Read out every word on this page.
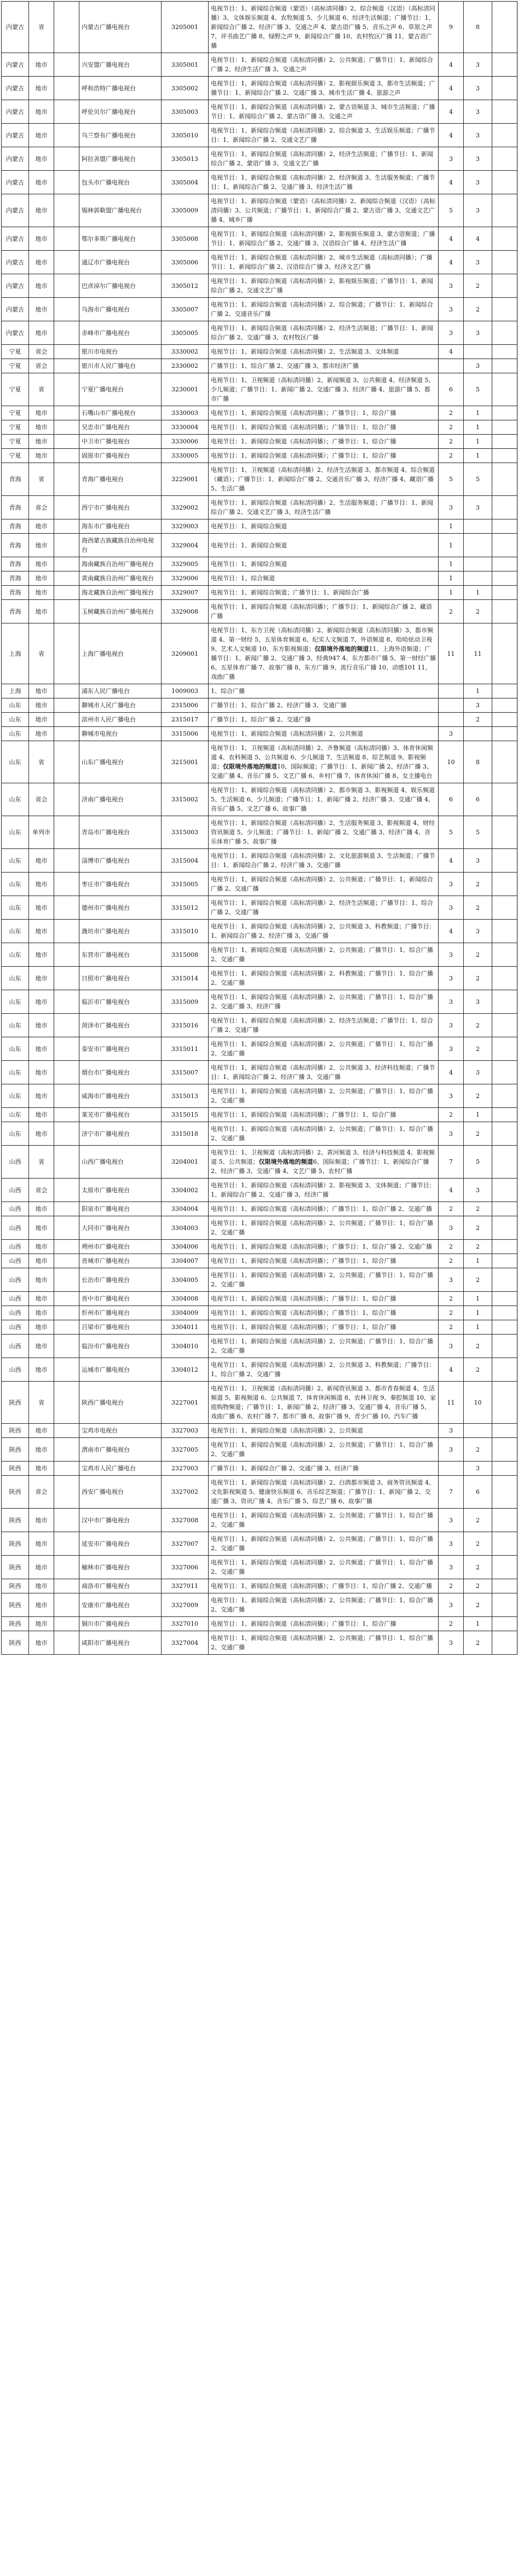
内蒙古	省		内蒙古广播电视台	3205001	电视节目：1、新闻综合频道（蒙语）（高标清同播）2、综合频道（汉语）（高标清同播）3、文体娱乐频道 4、农牧频道 5、少儿频道 6、经济生活频道；广播节目：1、新闻综合广播 2、经济广播 3、交通之声 4、蒙古语广播 5、音乐之声 6、草原之声 7、评书曲艺广播 8、绿野之声 9、新闻综合广播 10、农村牧区广播 11、蒙古语广播	9	8	
内蒙古	地市		兴安盟广播电视台	3305001	电视节目：1、新闻综合频道（高标清同播）2、公共频道；广播节目：1、新闻综合广播 2、经济生活广播 3、交通之声	4	3	
内蒙古	地市		呼和浩特广播电视台	3305002	电视节目：1、新闻综合频道（高标清同播）2、影视娱乐频道 3、都市生活频道；广播节目：1、新闻综合广播 2、交通广播 3、城市生活广播 4、旅游之声	4	3	
内蒙古	地市		呼伦贝尔广播电视台	3305003	电视节目：1、新闻综合频道（高标清同播）2、蒙古语频道 3、城市生活频道；广播节目：1、新闻综合广播 2、蒙古语广播 3、交通之声	4	3	
内蒙古	地市		乌兰察布广播电视台	3305010	电视节目：1、新闻综合频道（高标清同播）2、综合频道 3、生活娱乐频道；广播节目：1、新闻综合广播 2、交通文艺广播	4	3	
内蒙古	地市		阿拉善盟广播电视台	3305013	电视节目：1、新闻综合频道（高标清同播）2、经济生活频道；广播节目：1、新闻综合广播 2、蒙语广播 3、交通文艺广播	3	3	
内蒙古	地市		包头市广播电视台	3305004	电视节目：1、新闻综合频道（高标清同播）2、经济频道 3、生活服务频道；广播节目：1、新闻综合广播 2、交通广播 3、经济生活广播	4	3	
内蒙古	地市		锡林郭勒盟广播电视台	3305009	电视节目：1、新闻综合频道（蒙语）（高标清同播）2、新闻综合频道（汉语）（高标清同播）3、公共频道；广播节目：1、新闻综合广播 2、蒙古语广播 3、交通文艺广播 4、城乡广播	5	3	
内蒙古	地市		鄂尔多斯广播电视台	3305008	电视节目：1、新闻综合频道（高标清同播）2、影视娱乐频道 3、蒙古语频道；广播节目：1、新闻综合广播 2、交通广播 3、汉语综合广播 4、经济生活广播	4	4	
内蒙古	地市		通辽市广播电视台	3305006	电视节目：1、新闻综合频道（高标清同播）2、城市生活频道（高标清同播）；广播节目：1、新闻综合广播 2、汉语综合广播 3、经济文艺广播	4	3	
内蒙古	地市		巴彦淖尔广播电视台	3305012	电视节目：1、新闻综合频道（高标清同播）2、影视娱乐频道；广播节目：1、新闻综合广播 2、交通文艺广播	3	2	
内蒙古	地市		乌海市广播电视台	3305007	电视节目：1、新闻综合频道（高标清同播）2、综合频道；广播节目：1、新闻综合广播 2、交通音乐广播	3	2	
内蒙古	地市		赤峰市广播电视台	3305005	电视节目：1、新闻综合频道（高标清同播）2、经济生活频道；广播节目：1、新闻综合广播 2、交通广播 3、农村牧区广播	3	3	
宁夏	省会		银川市电视台	3330002	电视节目：1、新闻综合频道（高标清同播）2、生活频道 3、文体频道	4		
宁夏	省会		银川市人民广播电台	2330002	广播节目：1、综合广播 2、交通广播 3、都市经济广播		3	
宁夏	省		宁夏广播电视台	3230001	电视节目：1、卫视频道（高标清同播）2、新闻频道 3、公共频道 4、经济频道 5、少儿频道；广播节目：1、新闻广播 2、交通广播 3、经济广播 4、旅游广播 5、都市广播	6	5	
宁夏	地市		石嘴山市广播电视台	3330003	电视节目：1、新闻综合频道（高标清同播）；广播节目：1、综合广播	2	1	
宁夏	地市		吴忠市广播电视台	3330004	电视节目：1、新闻综合频道（高标清同播）；广播节目：1、综合广播	2	1	
宁夏	地市		中卫市广播电视台	3330006	电视节目：1、新闻综合频道（高标清同播）；广播节目：1、综合广播	2	1	
宁夏	地市		固原市广播电视台	3330005	电视节目：1、新闻综合频道（高标清同播）；广播节目：1、综合广播	2	1	
青海	省		青海广播电视台	3229001	电视节目：1、卫视频道（高标清同播）2、经济生活频道 3、都市频道 4、综合频道（藏语）；广播节目：1、新闻综合广播 2、交通音乐广播 3、经济广播 4、藏语广播 5、生活广播	5	5	
青海	省会		西宁市广播电视台	3329002	电视节目：1、新闻综合频道（高标清同播）2、生活服务频道；广播节目：1、新闻综合广播 2、交通文艺广播 3、经济生活广播	3	3	
青海	地市		海东市广播电视台	3329003	电视节目：1、新闻综合频道	1		
青海	地市		海西蒙古族藏族自治州电视台	3329004	电视节目：1、新闻综合频道	1		
青海	地市		海南藏族自治州广播电视台	3329005	电视节目：1、新闻综合频道	1		
青海	地市		黄南藏族自治州广播电视台	3329006	电视节目：1、综合频道	1		
青海	地市		海北藏族自治州广播电视台	3329007	电视节目：1、新闻综合频道；广播节目：1、新闻综合广播	1	1	
青海	地市		玉树藏族自治州广播电视台	3329008	电视节目：1、新闻综合频道（高标清同播）；广播节目：1、新闻综合广播 2、藏语广播	2	2	
上海	省		上海广播电视台	3209001	电视节目：1、东方卫视（高标清同播）2、新闻综合频道（高标清同播）3、都市频道 4、第一财经 5、五星体育频道 6、纪实人文频道 7、外语频道 8、哈哈炫动卫视 9、艺术人文频道 10、东方影视频道；仅限境外落地的频道11、上海外语频道；广播节目：1、新闻广播 2、交通广播 3、经典947 4、东方都市广播 5、第一财经广播 6、五星体育广播 7、故事广播 8、东方广播 9、流行音乐广播 10、动感101 11、戏曲广播	11	11	
上海	地市		浦东人民广播电台	1009003	1、综合广播		1	
山东	地市		聊城市人民广播电台	2315006	广播节目：1、综合广播 2、经济广播 3、交通广播		3	
山东	地市		滨州市人民广播电台	2315017	广播节目：1、综合广播 2、交通广播		2	
山东	地市		聊城市电视台	3315006	电视节目：1、新闻综合频道（高标清同播）2、公共频道	3		
山东	省		山东广播电视台	3215001	电视节目：1、卫视频道（高标清同播）2、齐鲁频道（高标清同播）3、体育休闲频道 4、农科频道 5、公共频道 6、少儿频道 7、生活频道 8、综艺频道 9、影视频道；仅限境外落地的频道10、国际频道；广播节目：1、新闻广播 2、经济广播 3、交通广播 4、音乐广播 5、文艺广播 6、乡村广播 7、体育休闲广播 8、女主播电台	10	8	
山东	省会		济南广播电视台	3315002	电视节目：1、新闻综合频道（高标清同播）2、都市频道 3、影视频道 4、娱乐频道 5、生活频道 6、少儿频道；广播节目：1、新闻广播 2、经济广播 3、交通广播 4、音乐广播 5、文艺广播 6、故事广播	6	6	
山东	单列市		青岛市广播电视台	3315003	电视节目：1、新闻综合频道（高标清同播）2、生活服务频道 3、影视频道 4、财经资讯频道 5、少儿频道；广播节目：1、新闻广播 2、交通广播 3、经济广播 4、音乐体育广播 5、故事广播	5	5	
山东	地市		淄博市广播电视台	3315004	电视节目：1、新闻综合频道（高标清同播）2、文化旅游频道 3、生活频道；广播节目：1、新闻综合广播 2、经济广播 3、交通广播	4	3	
山东	地市		枣庄市广播电视台	3315005	电视节目：1、新闻综合频道（高标清同播）2、公共频道；广播节目：1、新闻综合广播 2、交通广播	3	2	
山东	地市		德州市广播电视台	3315012	电视节目：1、新闻综合频道（高标清同播）2、经济生活频道；广播节目：1、综合广播 2、交通广播	3	2	
山东	地市		潍坊市广播电视台	3315010	电视节目：1、新闻综合频道（高标清同播）2、公共频道 3、科教频道；广播节目：1、新闻综合广播 2、经济广播 3、交通广播	4	3	
山东	地市		东营市广播电视台	3315008	电视节目：1、新闻综合频道（高标清同播）2、公共频道；广播节目：1、综合广播 2、交通广播	3	2	
山东	地市		日照市广播电视台	3315014	电视节目：1、新闻综合频道（高标清同播）2、科教频道；广播节目：1、综合广播 2、交通广播	3	2	
山东	地市		临沂市广播电视台	3315009	电视节目：1、新闻综合频道（高标清同播）2、公共频道；广播节目：1、综合广播 2、交通广播 3、经济广播	3	3	
山东	地市		菏泽市广播电视台	3315016	电视节目：1、新闻综合频道（高标清同播）2、经济生活频道；广播节目：1、综合广播 2、交通广播	3	2	
山东	地市		泰安市广播电视台	3315011	电视节目：1、新闻综合频道（高标清同播）2、公共频道；广播节目：1、综合广播 2、交通广播	3	2	
山东	地市		烟台市广播电视台	3315007	电视节目：1、新闻综合频道（高标清同播）2、公共频道 3、经济科技频道；广播节目：1、新闻综合广播 2、经济广播 3、交通广播	4	3	
山东	地市		威海市广播电视台	3315013	电视节目：1、新闻综合频道（高标清同播）2、公共频道；广播节目：1、综合广播 2、交通广播	3	2	
山东	地市		莱芜市广播电视台	3315015	电视节目：1、新闻综合频道（高标清同播）；广播节目：1、综合广播	2	1	
山东	地市		济宁市广播电视台	3315018	电视节目：1、新闻综合频道（高标清同播）2、公共频道；广播节目：1、综合广播 2、交通广播	3	2	
山西	省		山西广播电视台	3204001	电视节目：1、卫视频道（高标清同播）2、黄河频道 3、经济与科技频道 4、影视频道 5、公共频道；仅限境外落地的频道6、国际频道；广播节目：1、新闻综合广播 2、经济广播 3、交通广播 4、文艺广播 5、农村广播	7	5	
山西	省会		太原市广播电视台	3304002	电视节目：1、新闻综合频道（高标清同播）2、影视频道 3、文体频道；广播节目：1、新闻综合广播 2、交通广播 3、经济广播	4	3	
山西	地市		阳泉市广播电视台	3304004	电视节目：1、新闻综合频道（高标清同播）；广播节目：1、综合广播 2、交通广播	2	2	
山西	地市		大同市广播电视台	3304003	电视节目：1、新闻综合频道（高标清同播）2、公共频道；广播节目：1、综合广播 2、交通广播	3	2	
山西	地市		朔州市广播电视台	3304006	电视节目：1、新闻综合频道（高标清同播）；广播节目：1、综合广播 2、交通广播	2	2	
山西	地市		晋城市广播电视台	3304007	电视节目：1、新闻综合频道（高标清同播）；广播节目：1、综合广播	2	1	
山西	地市		长治市广播电视台	3304005	电视节目：1、新闻综合频道（高标清同播）2、公共频道；广播节目：1、综合广播 2、交通广播	3	2	
山西	地市		晋中市广播电视台	3304008	电视节目：1、新闻综合频道（高标清同播）；广播节目：1、综合广播	2	1	
山西	地市		忻州市广播电视台	3304009	电视节目：1、新闻综合频道（高标清同播）；广播节目：1、综合广播	2	1	
山西	地市		吕梁市广播电视台	3304011	电视节目：1、新闻综合频道（高标清同播）；广播节目：1、综合广播	2	1	
山西	地市		临汾市广播电视台	3304010	电视节目：1、新闻综合频道（高标清同播）2、公共频道；广播节目：1、综合广播 2、交通广播	3	2	
山西	地市		运城市广播电视台	3304012	电视节目：1、新闻综合频道（高标清同播）2、公共频道 3、科教频道；广播节目：1、综合广播 2、交通广播	4	2	
陕西	省		陕西广播电视台	3227001	电视节目：1、卫视频道（高标清同播）2、新闻资讯频道 3、都市青春频道 4、生活频道 5、影视频道 6、公共频道 7、体育休闲频道 8、农林卫视 9、秦腔频道 10、家庭购物频道；广播节目：1、新闻广播 2、经济广播 3、交通广播 4、音乐广播 5、戏曲广播 6、农村广播 7、都市广播 8、故事广播 9、青少广播 10、汽车广播	11	10	
陕西	地市		宝鸡市电视台	3327003	电视节目：1、新闻综合频道（高标清同播）2、公共频道	3		
陕西	地市		渭南市广播电视台	3327005	电视节目：1、新闻综合频道（高标清同播）2、公共频道；广播节目：1、综合广播 2、交通广播	3	2	
陕西	地市		宝鸡市人民广播电台	2327003	广播节目：1、新闻综合广播 2、交通广播 3、经济广播		3	
陕西	省会		西安广播电视台	3327002	电视节目：1、新闻综合频道（高标清同播）2、白鸽都市频道 3、商务资讯频道 4、文化影视频道 5、健康快乐频道 6、音乐综艺频道；广播节目：1、新闻广播 2、交通广播 3、资讯广播 4、音乐广播 5、综艺广播 6、故事广播	7	6	
陕西	地市		汉中市广播电视台	3327008	电视节目：1、新闻综合频道（高标清同播）2、公共频道；广播节目：1、综合广播 2、交通广播	3	2	
陕西	地市		延安市广播电视台	3327007	电视节目：1、新闻综合频道（高标清同播）2、公共频道；广播节目：1、综合广播 2、交通广播	3	2	
陕西	地市		榆林市广播电视台	3327006	电视节目：1、新闻综合频道（高标清同播）2、公共频道；广播节目：1、综合广播 2、交通广播	3	2	
陕西	地市		商洛市广播电视台	3327011	电视节目：1、新闻综合频道（高标清同播）；广播节目：1、综合广播 2、交通广播	2	2	
陕西	地市		安康市广播电视台	3327009	电视节目：1、新闻综合频道（高标清同播）2、公共频道；广播节目：1、综合广播 2、交通广播	3	2	
陕西	地市		铜川市广播电视台	3327010	电视节目：1、新闻综合频道（高标清同播）；广播节目：1、综合广播	2	1	
陕西	地市		咸阳市广播电视台	3327004	电视节目：1、新闻综合频道（高标清同播）2、公共频道；广播节目：1、综合广播 2、交通广播	3	2	
